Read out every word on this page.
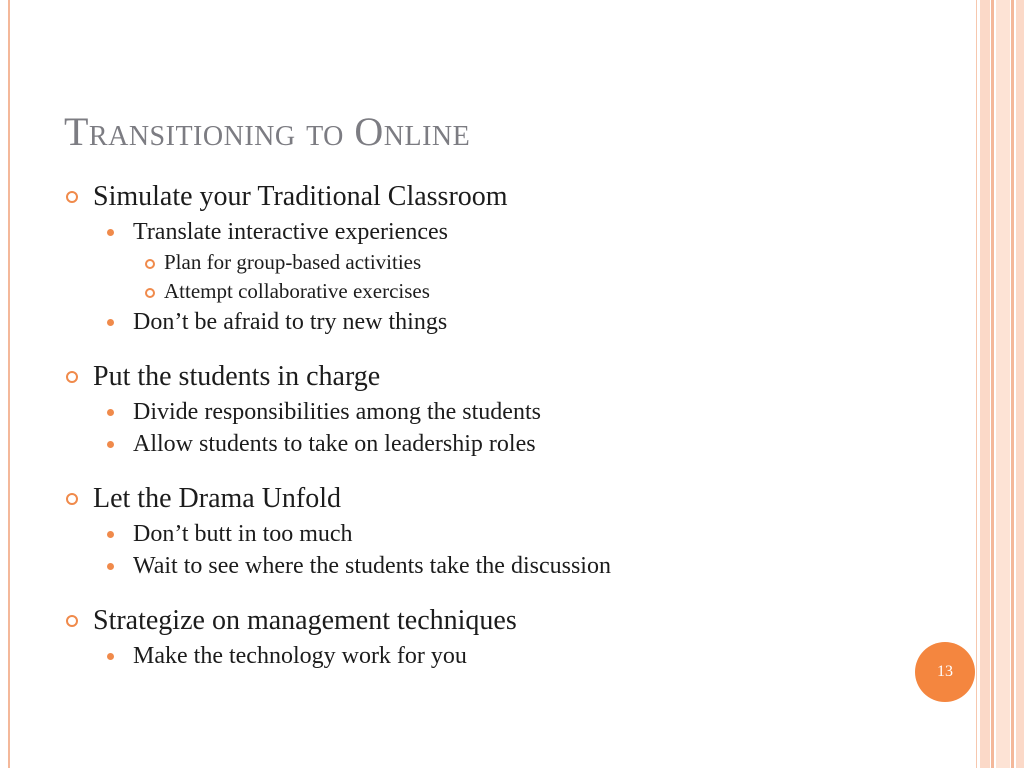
Transitioning to Online
Simulate your Traditional Classroom
Translate interactive experiences
Plan for group-based activities
Attempt collaborative exercises
Don’t be afraid to try new things
Put the students in charge
Divide responsibilities among the students
Allow students to take on leadership roles
Let the Drama Unfold
Don’t butt in too much
Wait to see where the students take the discussion
Strategize on management techniques
Make the technology work for you
13
